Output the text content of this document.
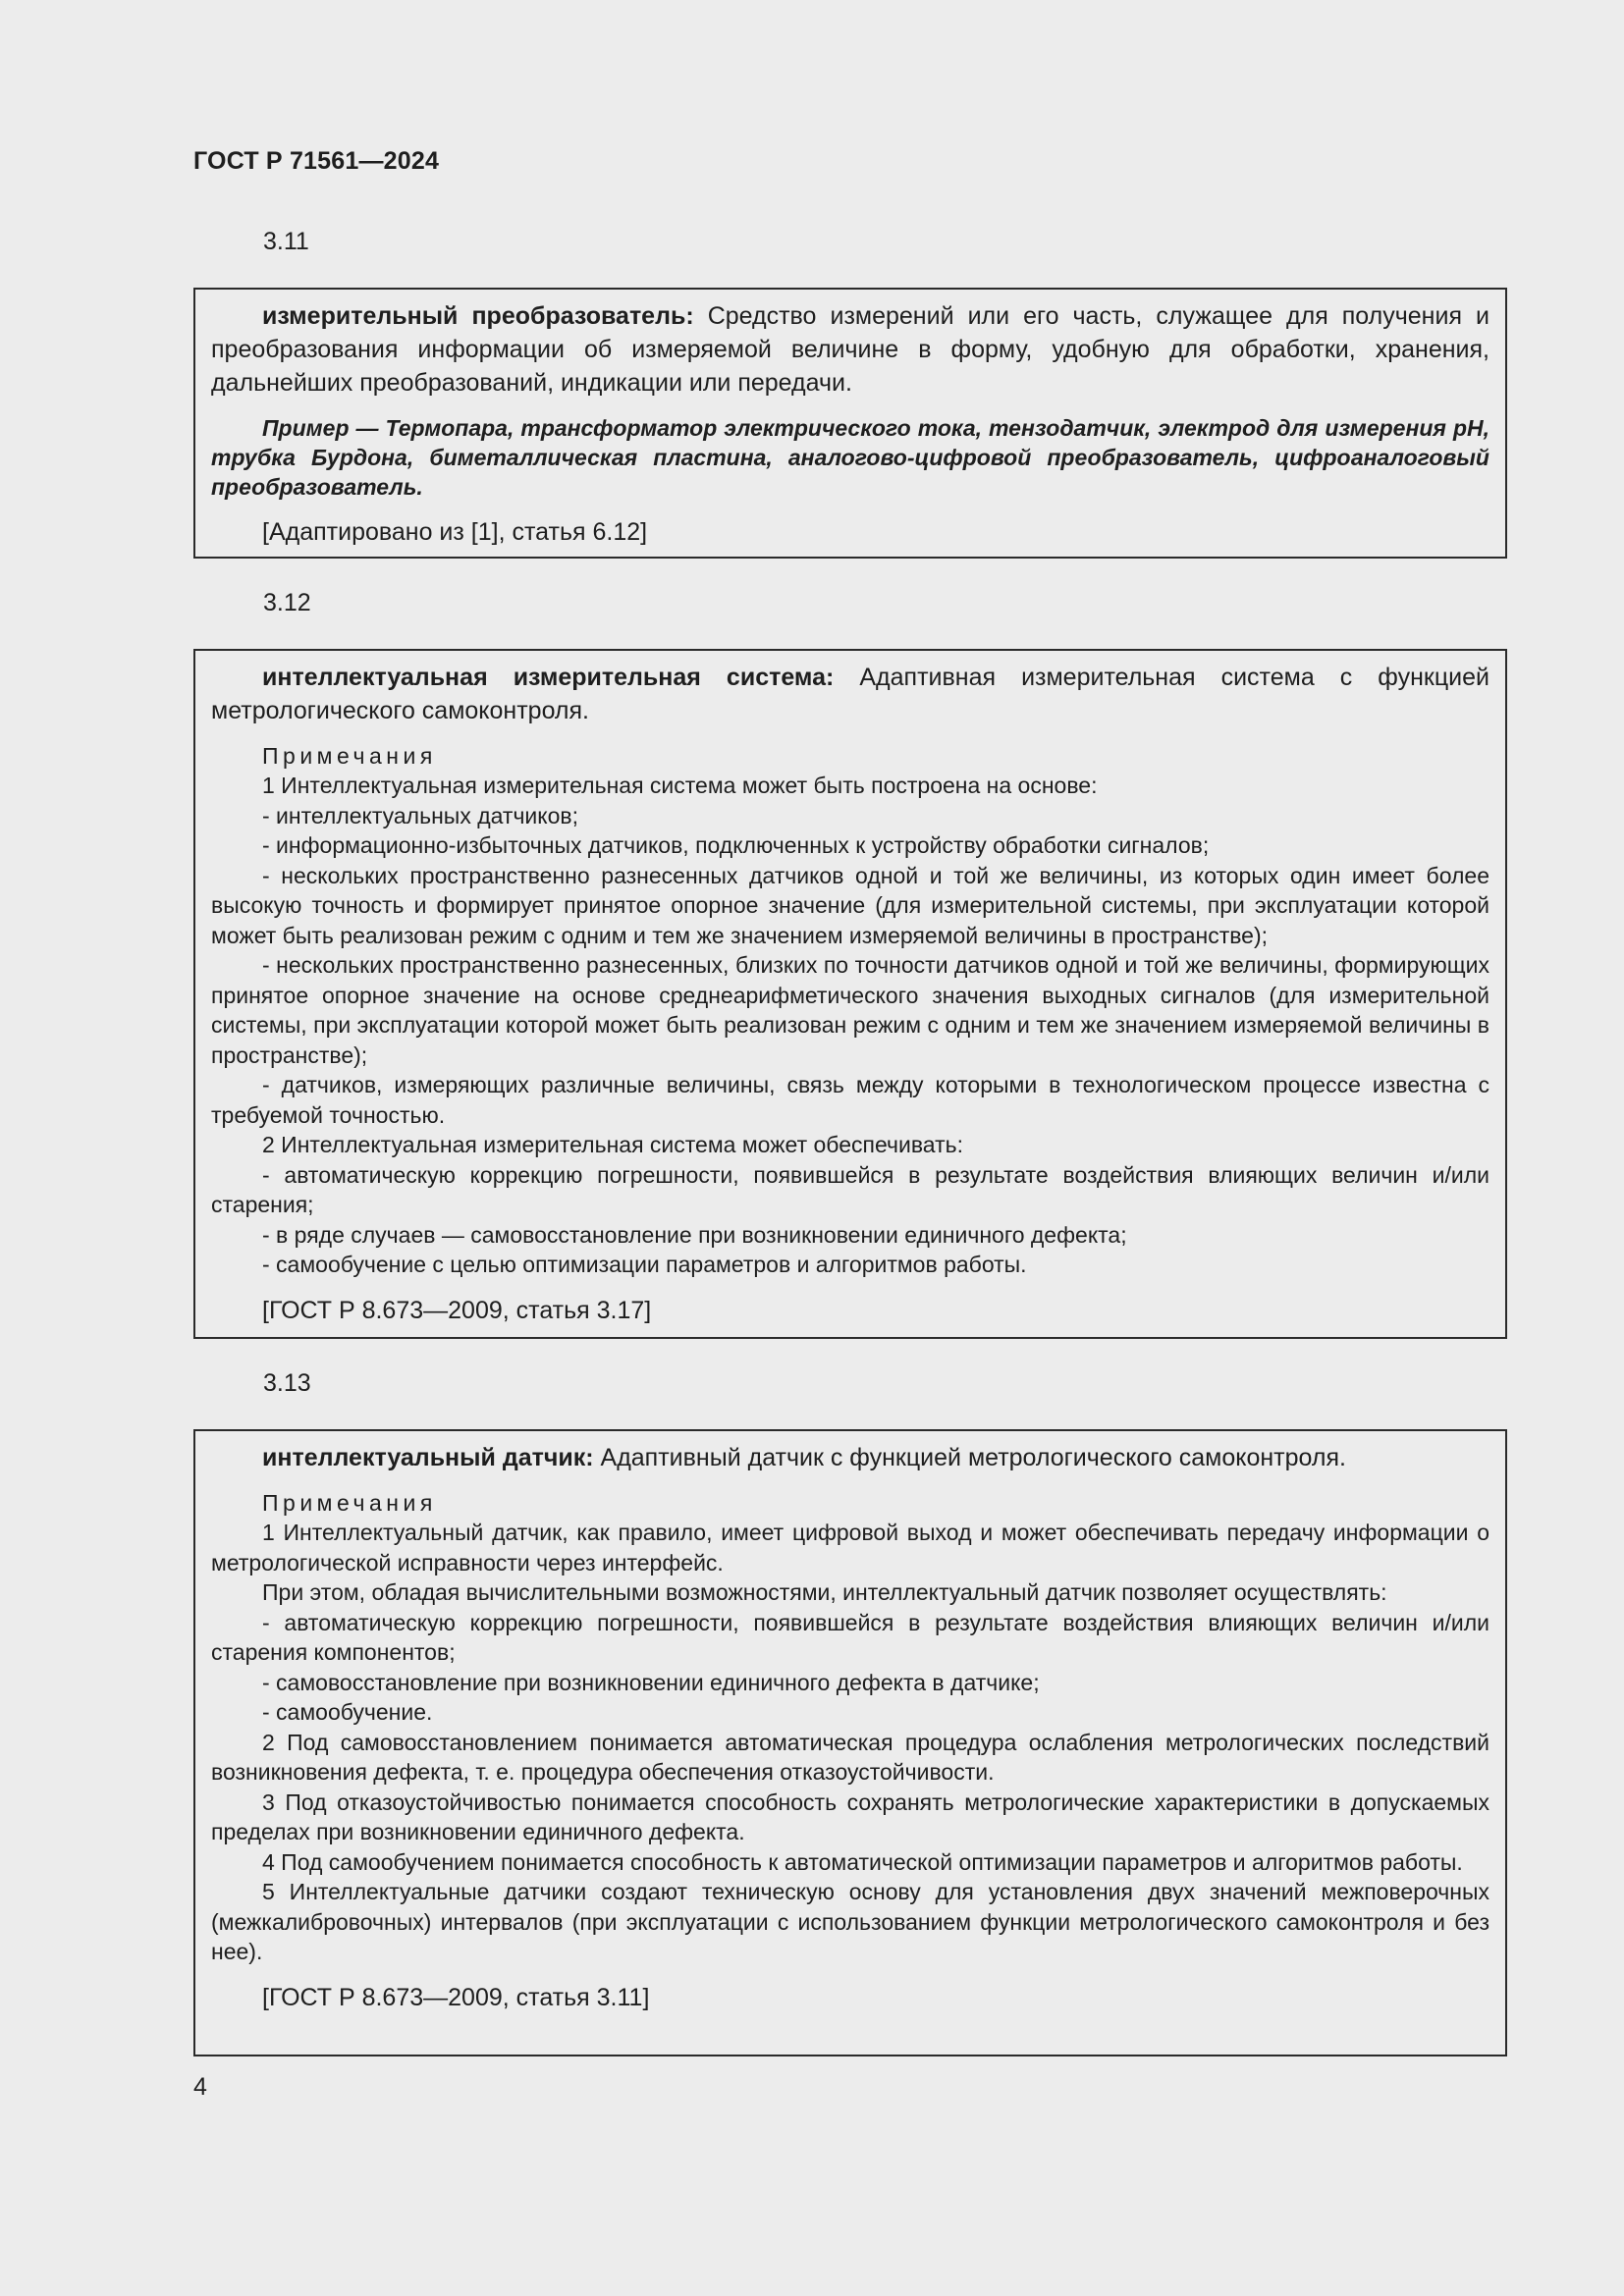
ГОСТ Р 71561—2024
3.11

измерительный преобразователь: Средство измерений или его часть, служащее для получения и преобразования информации об измеряемой величине в форму, удобную для обработки, хранения, дальнейших преобразований, индикации или передачи.

Пример — Термопара, трансформатор электрического тока, тензодатчик, электрод для измерения pH, трубка Бурдона, биметаллическая пластина, аналогово-цифровой преобразователь, цифроаналоговый преобразователь.

[Адаптировано из [1], статья 6.12]

3.12

интеллектуальная измерительная система: Адаптивная измерительная система с функцией метрологического самоконтроля.

Примечания

1 Интеллектуальная измерительная система может быть построена на основе:

- интеллектуальных датчиков;

- информационно-избыточных датчиков, подключенных к устройству обработки сигналов;

- нескольких пространственно разнесенных датчиков одной и той же величины, из которых один имеет более высокую точность и формирует принятое опорное значение (для измерительной системы, при эксплуатации которой может быть реализован режим с одним и тем же значением измеряемой величины в пространстве);

- нескольких пространственно разнесенных, близких по точности датчиков одной и той же величины, формирующих принятое опорное значение на основе среднеарифметического значения выходных сигналов (для измерительной системы, при эксплуатации которой может быть реализован режим с одним и тем же значением измеряемой величины в пространстве);

- датчиков, измеряющих различные величины, связь между которыми в технологическом процессе известна с требуемой точностью.

2 Интеллектуальная измерительная система может обеспечивать:

- автоматическую коррекцию погрешности, появившейся в результате воздействия влияющих величин и/или старения;

- в ряде случаев — самовосстановление при возникновении единичного дефекта;

- самообучение с целью оптимизации параметров и алгоритмов работы.

[ГОСТ Р 8.673—2009, статья 3.17]

3.13

интеллектуальный датчик: Адаптивный датчик с функцией метрологического самоконтроля.

Примечания

1 Интеллектуальный датчик, как правило, имеет цифровой выход и может обеспечивать передачу информации о метрологической исправности через интерфейс.

При этом, обладая вычислительными возможностями, интеллектуальный датчик позволяет осуществлять:

- автоматическую коррекцию погрешности, появившейся в результате воздействия влияющих величин и/или старения компонентов;

- самовосстановление при возникновении единичного дефекта в датчике;

- самообучение.

2 Под самовосстановлением понимается автоматическая процедура ослабления метрологических последствий возникновения дефекта, т. е. процедура обеспечения отказоустойчивости.

3 Под отказоустойчивостью понимается способность сохранять метрологические характеристики в допускаемых пределах при возникновении единичного дефекта.

4 Под самообучением понимается способность к автоматической оптимизации параметров и алгоритмов работы.

5 Интеллектуальные датчики создают техническую основу для установления двух значений межповерочных (межкалибровочных) интервалов (при эксплуатации с использованием функции метрологического самоконтроля и без нее).

[ГОСТ Р 8.673—2009, статья 3.11]

4
